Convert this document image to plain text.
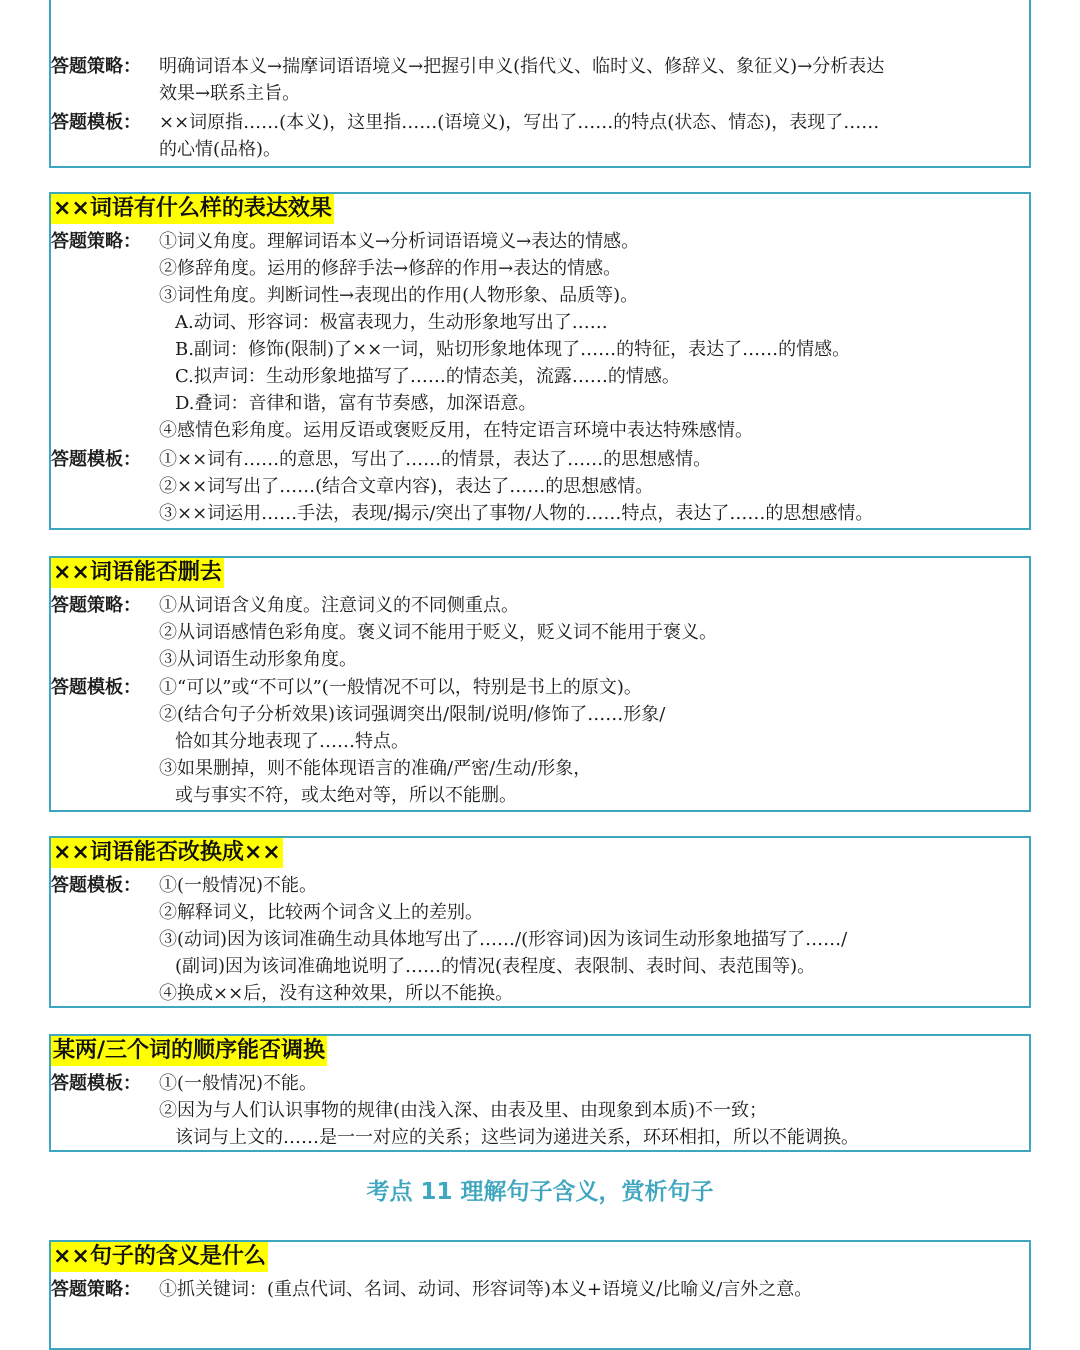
答题策略： 明确词语本义→揣摩词语语境义→把握引申义(指代义、临时义、修辞义、象征义)→分析表达
效果→联系主旨。
答题模板： ××词原指……(本义)，这里指……(语境义)，写出了……的特点(状态、情态)，表现了……
的心情(品格)。
××词语有什么样的表达效果
答题策略： ①词义角度。理解词语本义→分析词语语境义→表达的情感。
②修辞角度。运用的修辞手法→修辞的作用→表达的情感。
③词性角度。判断词性→表现出的作用(人物形象、品质等)。
A.动词、形容词：极富表现力，生动形象地写出了……
B.副词：修饰(限制)了××一词，贴切形象地体现了……的特征，表达了……的情感。
C.拟声词：生动形象地描写了……的情态美，流露……的情感。
D.叠词：音律和谐，富有节奏感，加深语意。
④感情色彩角度。运用反语或褒贬反用，在特定语言环境中表达特殊感情。
答题模板： ①××词有……的意思，写出了……的情景，表达了……的思想感情。
②××词写出了……(结合文章内容)，表达了……的思想感情。
③××词运用……手法，表现/揭示/突出了事物/人物的……特点，表达了……的思想感情。
××词语能否删去
答题策略： ①从词语含义角度。注意词义的不同侧重点。
②从词语感情色彩角度。褒义词不能用于贬义，贬义词不能用于褒义。
③从词语生动形象角度。
答题模板： ①“可以”或“不可以”(一般情况不可以，特别是书上的原文)。
②(结合句子分析效果)该词强调突出/限制/说明/修饰了……形象/
恰如其分地表现了……特点。
③如果删掉，则不能体现语言的准确/严密/生动/形象，
或与事实不符，或太绝对等，所以不能删。
××词语能否改换成××
答题模板： ①(一般情况)不能。
②解释词义，比较两个词含义上的差别。
③(动词)因为该词准确生动具体地写出了……/(形容词)因为该词生动形象地描写了……/
(副词)因为该词准确地说明了……的情况(表程度、表限制、表时间、表范围等)。
④换成××后，没有这种效果，所以不能换。
某两/三个词的顺序能否调换
答题模板： ①(一般情况)不能。
②因为与人们认识事物的规律(由浅入深、由表及里、由现象到本质)不一致；
该词与上文的……是一一对应的关系；这些词为递进关系，环环相扣，所以不能调换。
考点 11 理解句子含义，赏析句子
××句子的含义是什么
答题策略： ①抓关键词：(重点代词、名词、动词、形容词等)本义+语境义/比喻义/言外之意。
